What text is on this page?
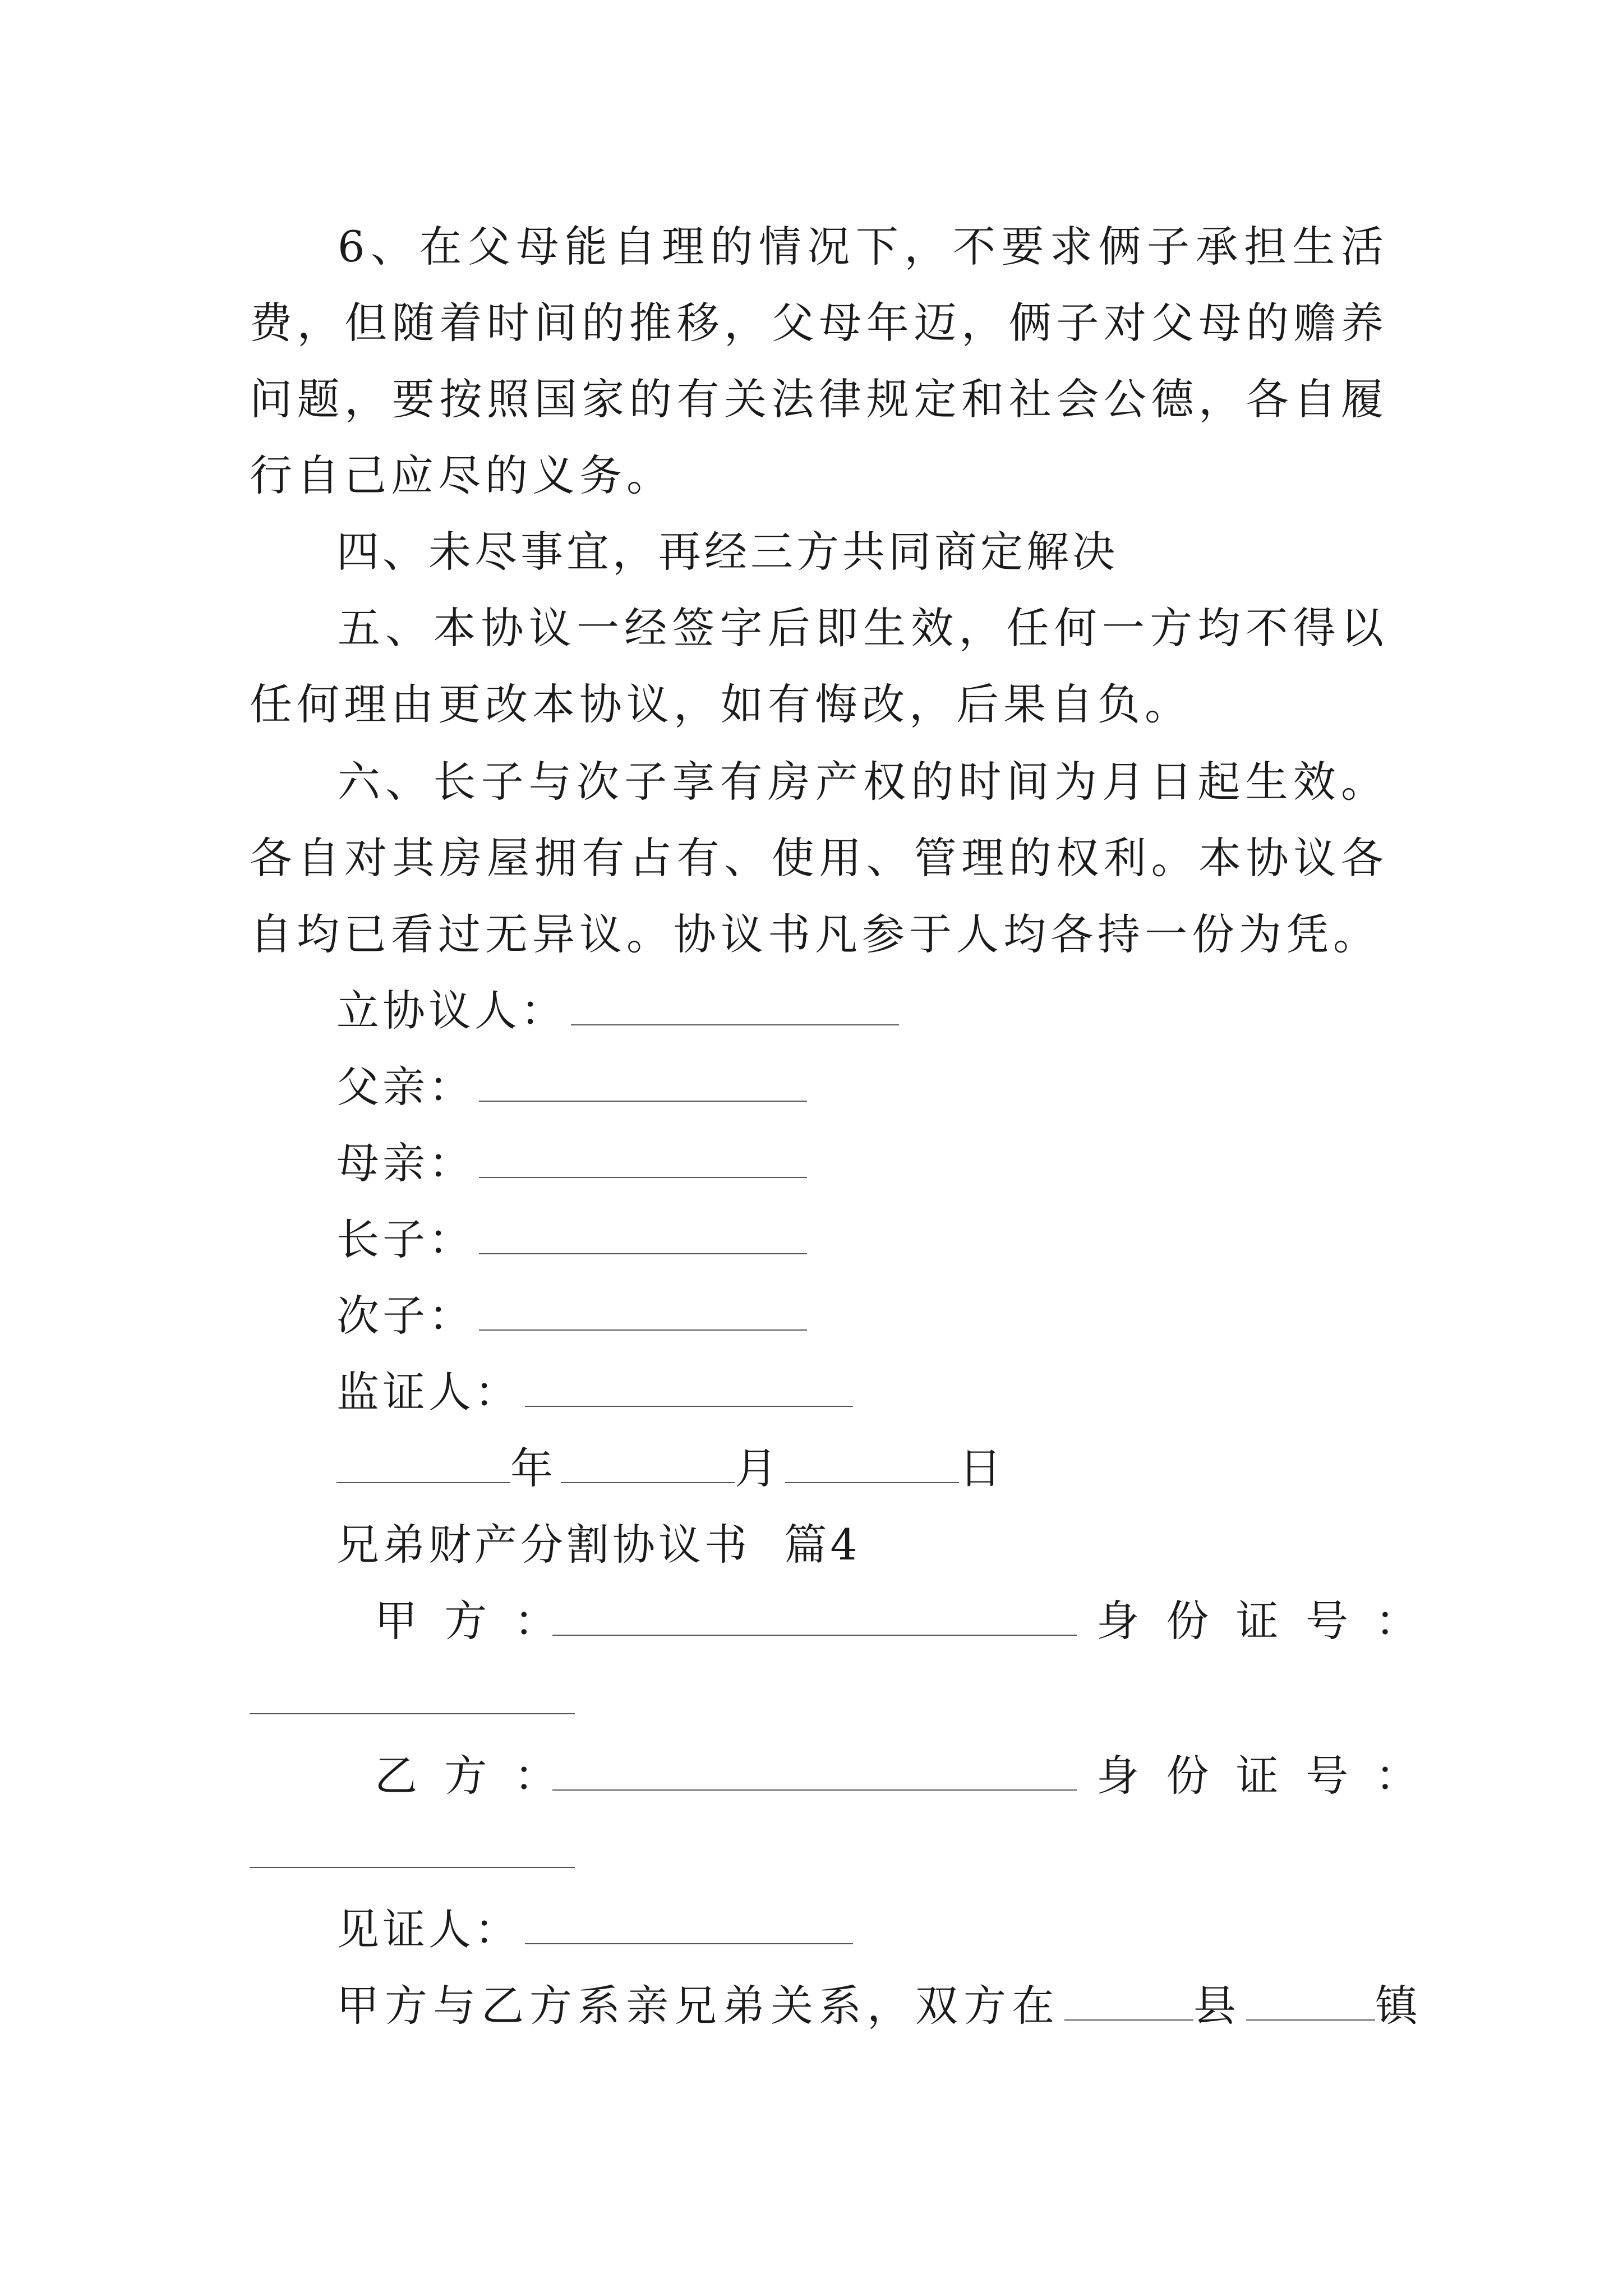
6、在父母能自理的情况下，不要求俩子承担生活费，但随着时间的推移，父母年迈，俩子对父母的赡养问题，要按照国家的有关法律规定和社会公德，各自履行自己应尽的义务。

四、未尽事宜，再经三方共同商定解决

五、本协议一经签字后即生效，任何一方均不得以任何理由更改本协议，如有悔改，后果自负。

六、长子与次子享有房产权的时间为月日起生效。各自对其房屋拥有占有、使用、管理的权利。本协议各自均已看过无异议。协议书凡参于人均各持一份为凭。

立协议人：
父亲：
母亲：
长子：
次子：
监证人：
年	月	日
兄弟财产分割协议书  篇4
甲  方  ：	身  份  证  号  ：
乙  方  ：	身  份  证  号  ：
见证人：
甲方与乙方系亲兄弟关系，双方在	县	镇
